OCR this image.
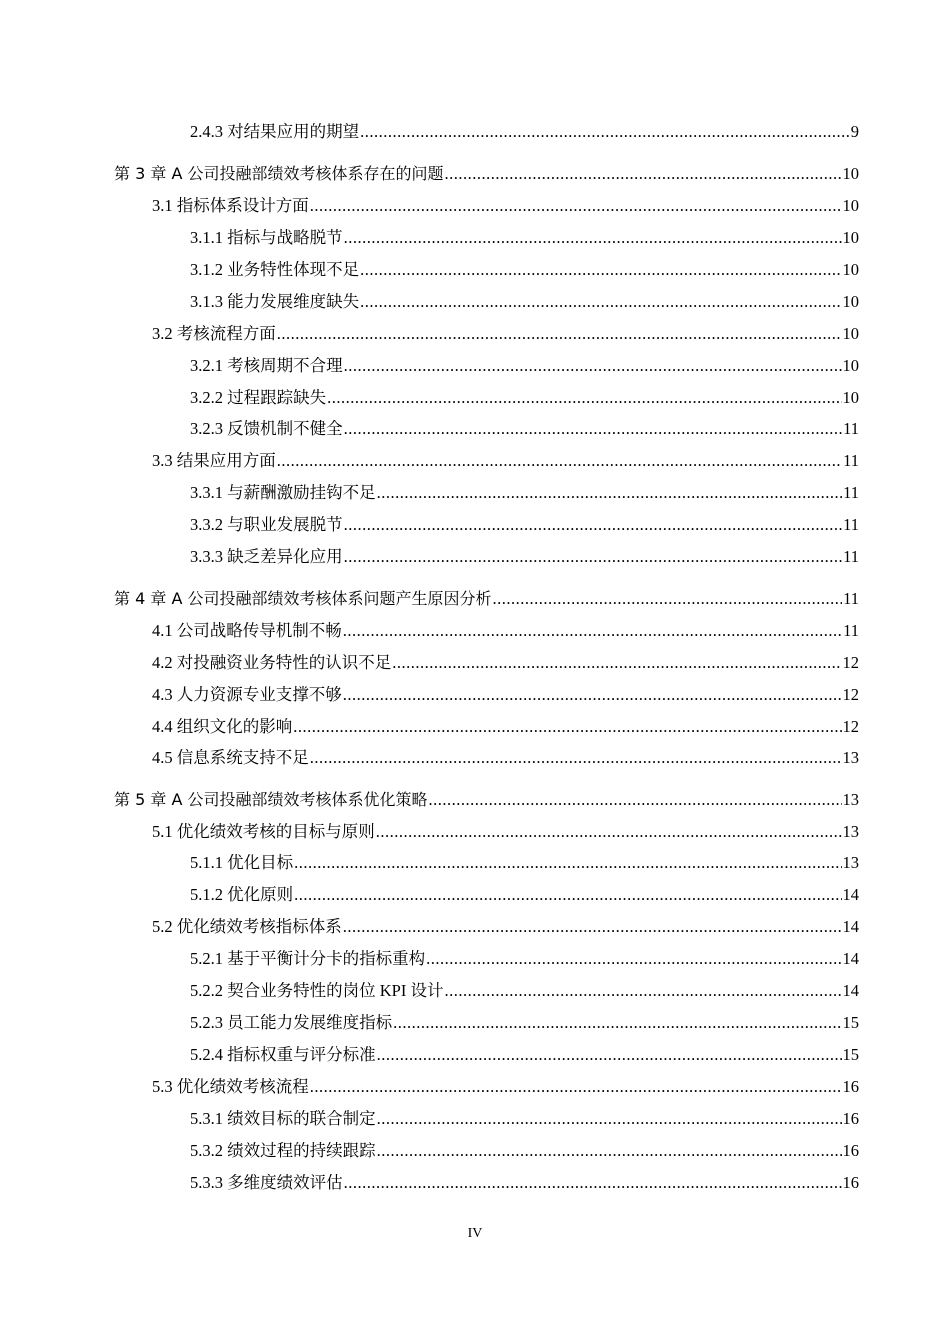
2.4.3 对结果应用的期望 .....	9
第 3 章 A 公司投融部绩效考核体系存在的问题 .....	10
3.1 指标体系设计方面 .....	10
3.1.1 指标与战略脱节 .....	10
3.1.2 业务特性体现不足 .....	10
3.1.3 能力发展维度缺失 .....	10
3.2 考核流程方面 .....	10
3.2.1 考核周期不合理 .....	10
3.2.2 过程跟踪缺失 .....	10
3.2.3 反馈机制不健全 .....	11
3.3 结果应用方面 .....	11
3.3.1 与薪酬激励挂钩不足 .....	11
3.3.2 与职业发展脱节 .....	11
3.3.3 缺乏差异化应用 .....	11
第 4 章 A 公司投融部绩效考核体系问题产生原因分析 .....	11
4.1 公司战略传导机制不畅 .....	11
4.2 对投融资业务特性的认识不足 .....	12
4.3 人力资源专业支撑不够 .....	12
4.4 组织文化的影响 .....	12
4.5 信息系统支持不足 .....	13
第 5 章 A 公司投融部绩效考核体系优化策略 .....	13
5.1 优化绩效考核的目标与原则 .....	13
5.1.1 优化目标 .....	13
5.1.2 优化原则 .....	14
5.2 优化绩效考核指标体系 .....	14
5.2.1 基于平衡计分卡的指标重构 .....	14
5.2.2 契合业务特性的岗位 KPI 设计 .....	14
5.2.3 员工能力发展维度指标 .....	15
5.2.4 指标权重与评分标准 .....	15
5.3 优化绩效考核流程 .....	16
5.3.1 绩效目标的联合制定 .....	16
5.3.2 绩效过程的持续跟踪 .....	16
5.3.3 多维度绩效评估 .....	16
IV
